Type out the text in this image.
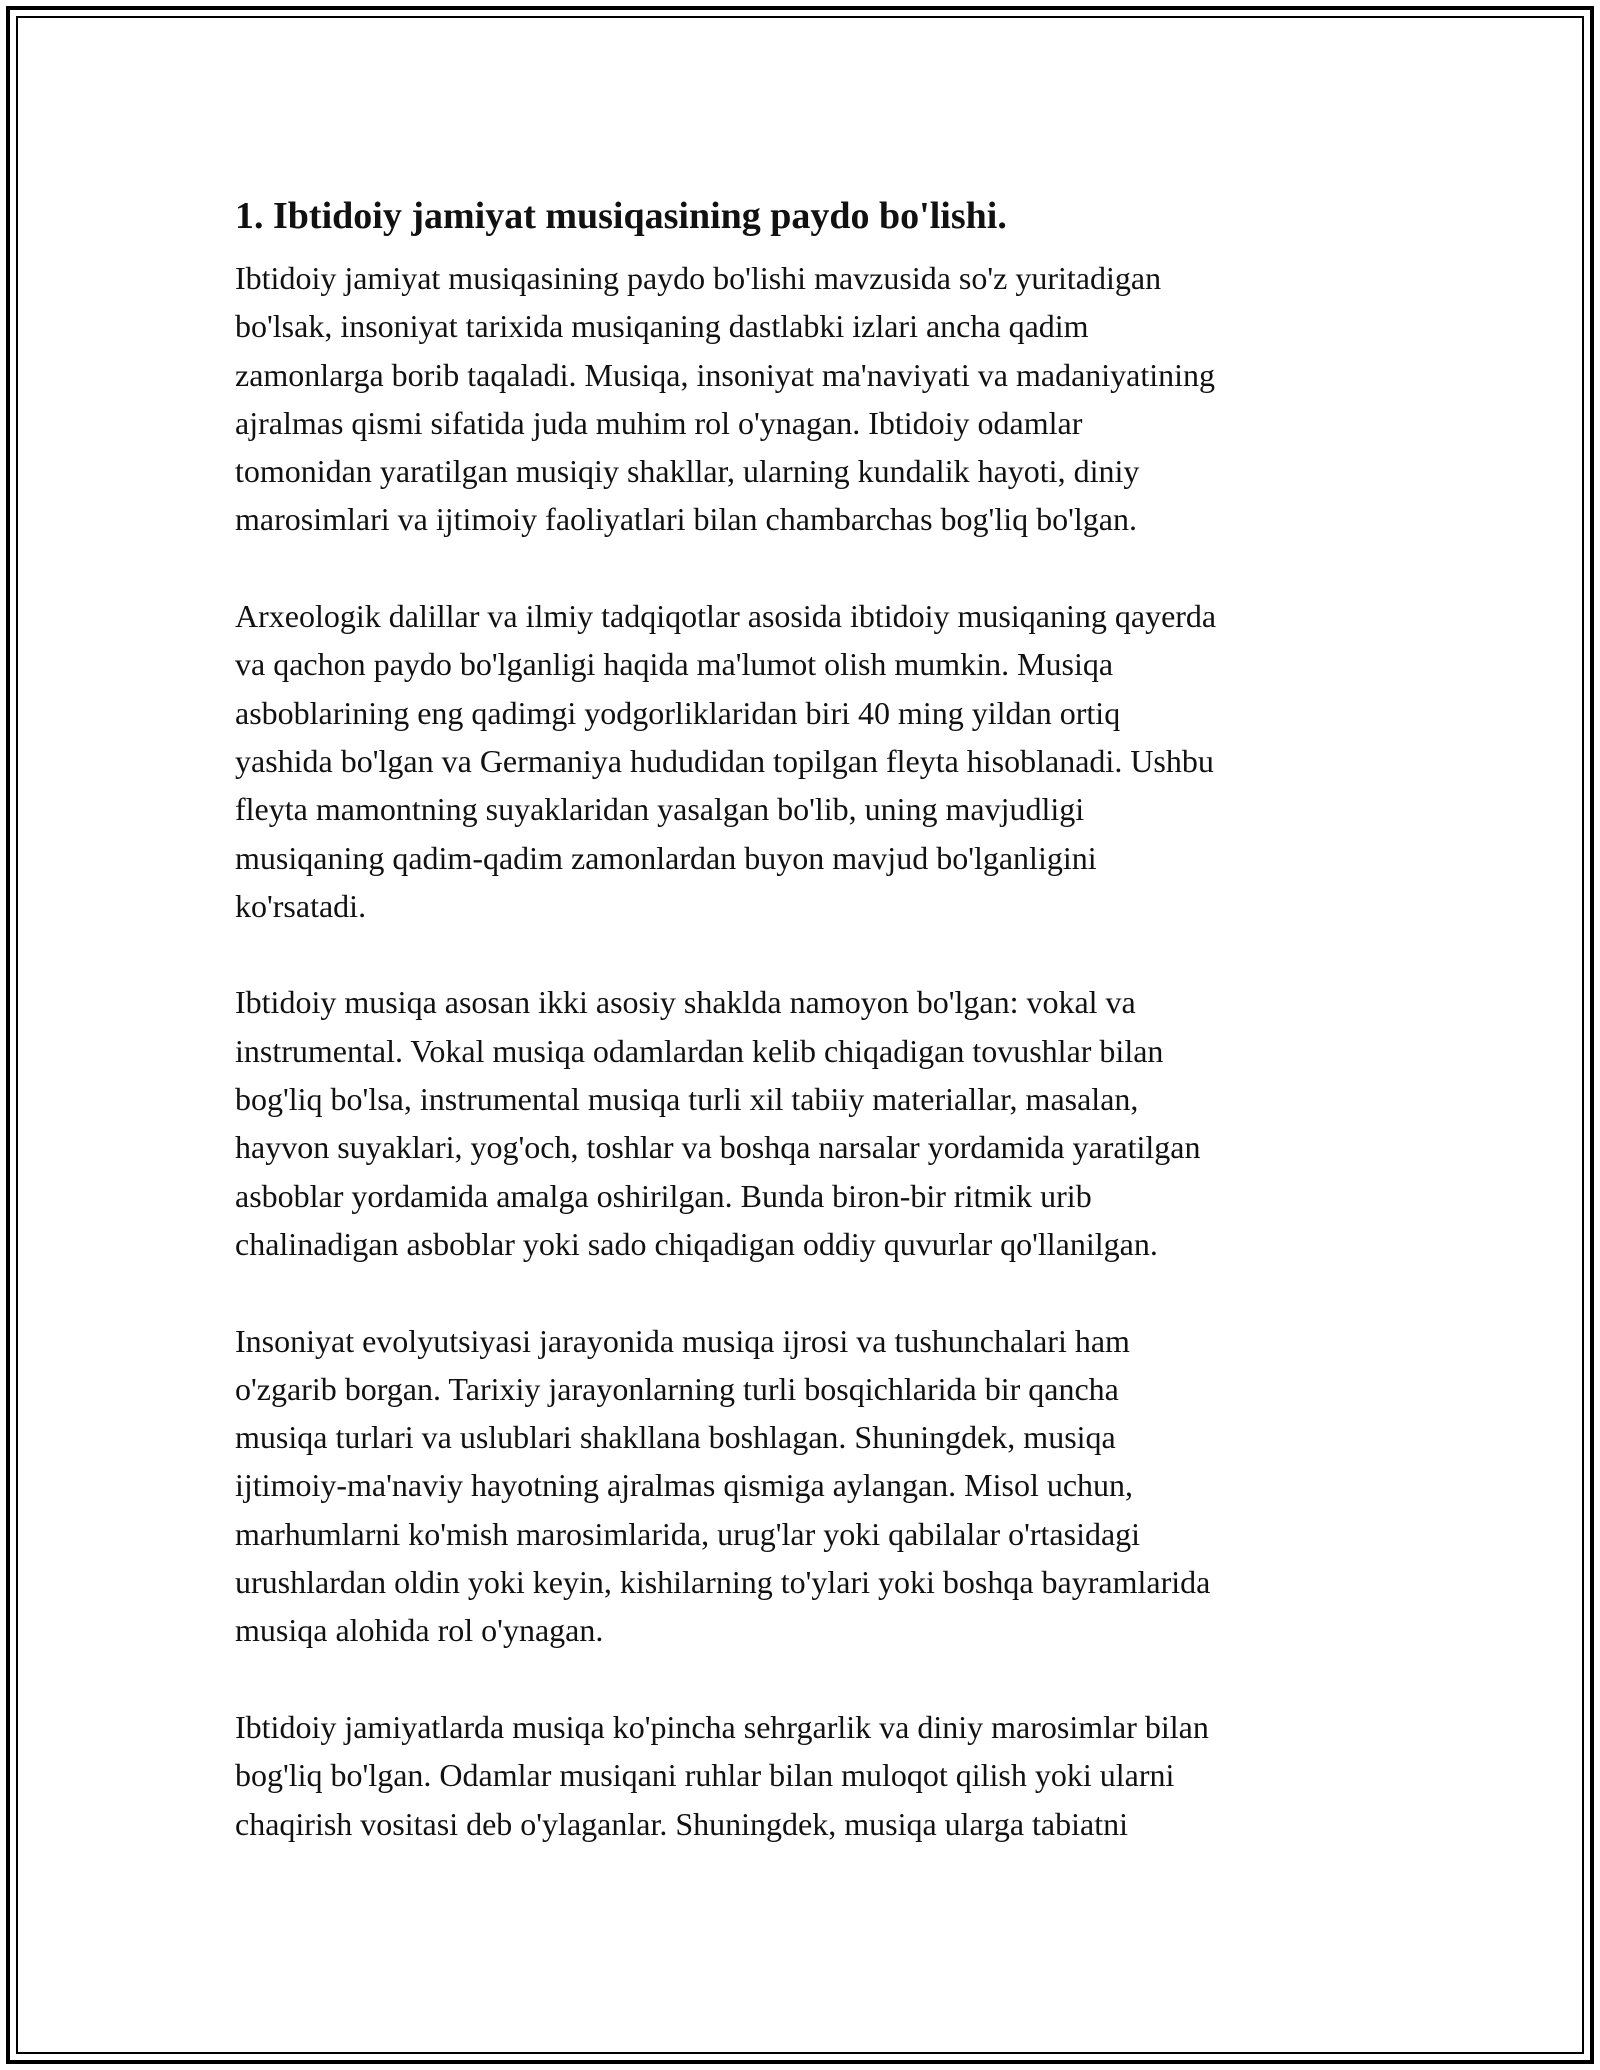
1. Ibtidoiy jamiyat musiqasining paydo bo'lishi.

Ibtidoiy jamiyat musiqasining paydo bo'lishi mavzusida so'z yuritadigan
bo'lsak, insoniyat tarixida musiqaning dastlabki izlari ancha qadim
zamonlarga borib taqaladi. Musiqa, insoniyat ma'naviyati va madaniyatining
ajralmas qismi sifatida juda muhim rol o'ynagan. Ibtidoiy odamlar
tomonidan yaratilgan musiqiy shakllar, ularning kundalik hayoti, diniy
marosimlari va ijtimoiy faoliyatlari bilan chambarchas bog'liq bo'lgan.

Arxeologik dalillar va ilmiy tadqiqotlar asosida ibtidoiy musiqaning qayerda
va qachon paydo bo'lganligi haqida ma'lumot olish mumkin. Musiqa
asboblarining eng qadimgi yodgorliklaridan biri 40 ming yildan ortiq
yashida bo'lgan va Germaniya hududidan topilgan fleyta hisoblanadi. Ushbu
fleyta mamontning suyaklaridan yasalgan bo'lib, uning mavjudligi
musiqaning qadim-qadim zamonlardan buyon mavjud bo'lganligini
ko'rsatadi.

Ibtidoiy musiqa asosan ikki asosiy shaklda namoyon bo'lgan: vokal va
instrumental. Vokal musiqa odamlardan kelib chiqadigan tovushlar bilan
bog'liq bo'lsa, instrumental musiqa turli xil tabiiy materiallar, masalan,
hayvon suyaklari, yog'och, toshlar va boshqa narsalar yordamida yaratilgan
asboblar yordamida amalga oshirilgan. Bunda biron-bir ritmik urib
chalinadigan asboblar yoki sado chiqadigan oddiy quvurlar qo'llanilgan.

Insoniyat evolyutsiyasi jarayonida musiqa ijrosi va tushunchalari ham
o'zgarib borgan. Tarixiy jarayonlarning turli bosqichlarida bir qancha
musiqa turlari va uslublari shakllana boshlagan. Shuningdek, musiqa
ijtimoiy-ma'naviy hayotning ajralmas qismiga aylangan. Misol uchun,
marhumlarni ko'mish marosimlarida, urug'lar yoki qabilalar o'rtasidagi
urushlardan oldin yoki keyin, kishilarning to'ylari yoki boshqa bayramlarida
musiqa alohida rol o'ynagan.

Ibtidoiy jamiyatlarda musiqa ko'pincha sehrgarlik va diniy marosimlar bilan
bog'liq bo'lgan. Odamlar musiqani ruhlar bilan muloqot qilish yoki ularni
chaqirish vositasi deb o'ylaganlar. Shuningdek, musiqa ularga tabiatni
